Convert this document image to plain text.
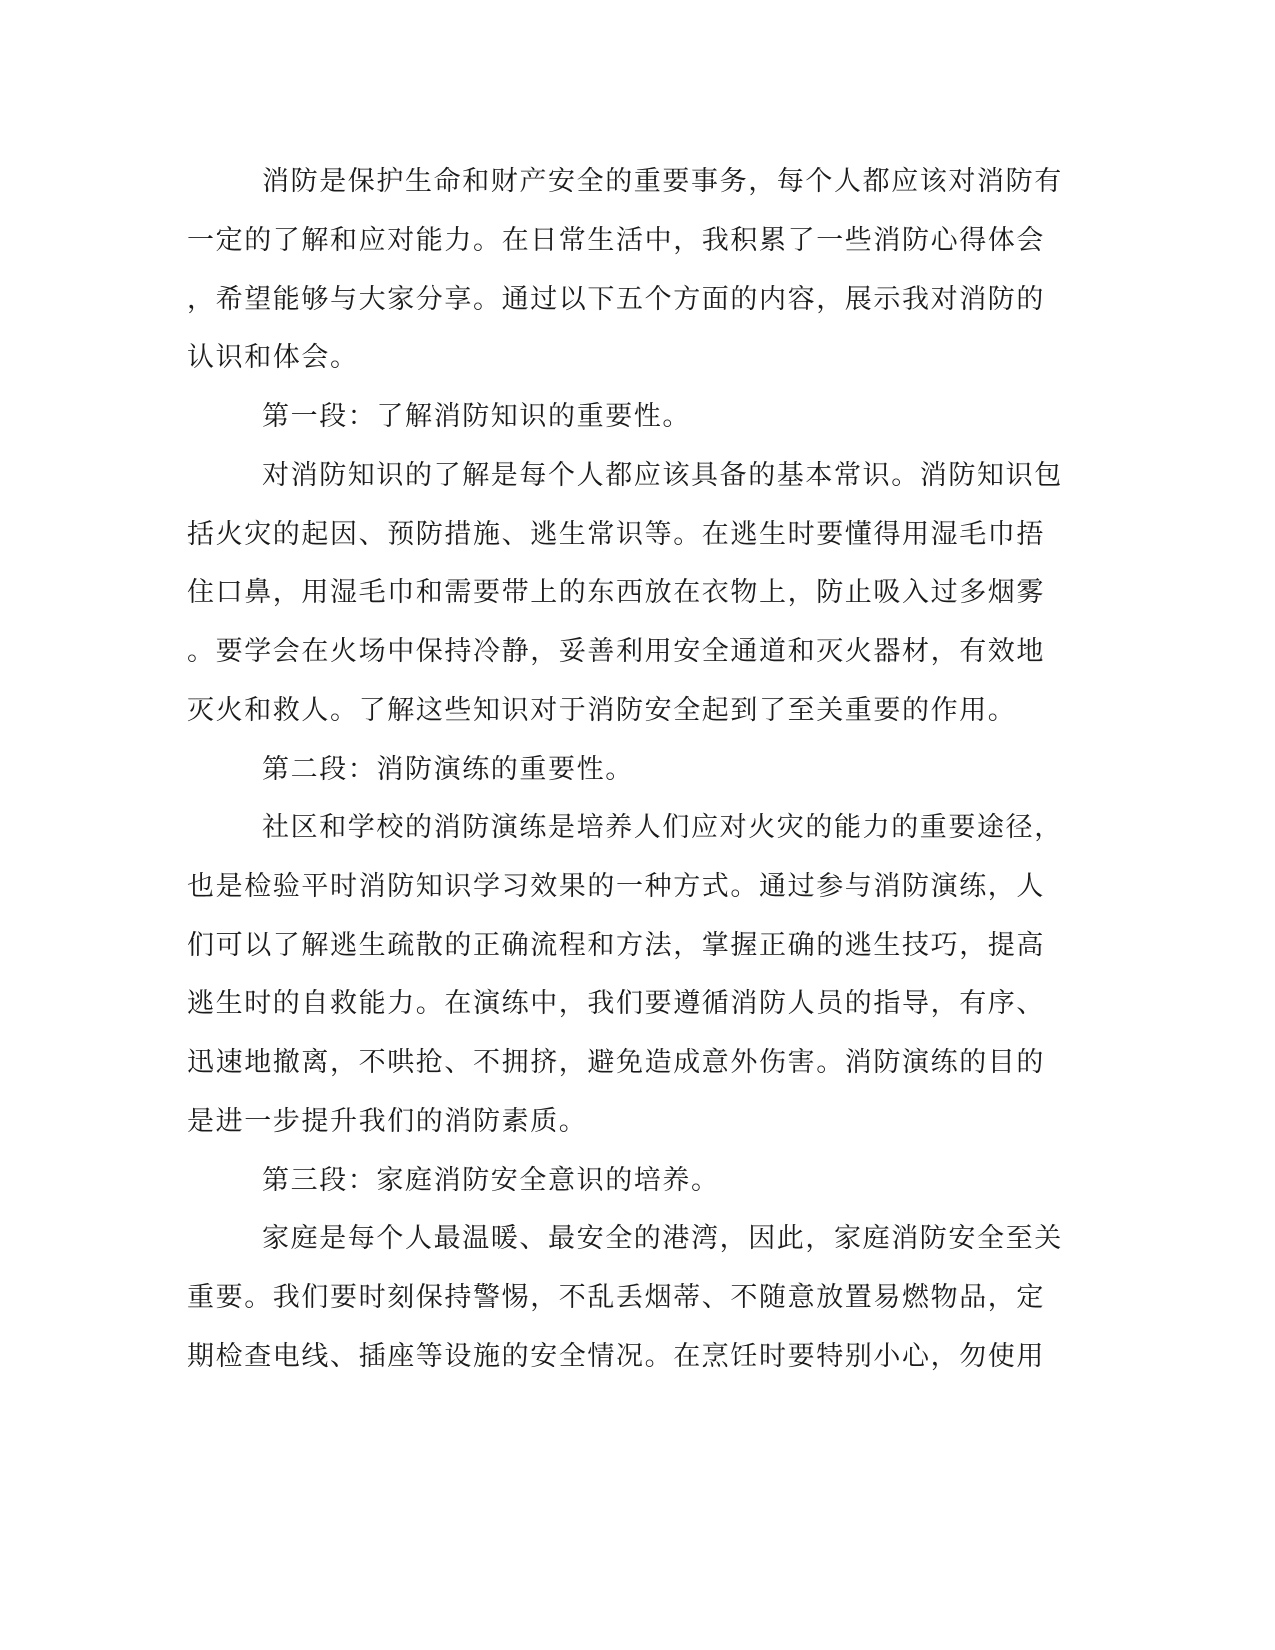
消防是保护生命和财产安全的重要事务，每个人都应该对消防有
一定的了解和应对能力。在日常生活中，我积累了一些消防心得体会
，希望能够与大家分享。通过以下五个方面的内容，展示我对消防的
认识和体会。
第一段：了解消防知识的重要性。
对消防知识的了解是每个人都应该具备的基本常识。消防知识包
括火灾的起因、预防措施、逃生常识等。在逃生时要懂得用湿毛巾捂
住口鼻，用湿毛巾和需要带上的东西放在衣物上，防止吸入过多烟雾
。要学会在火场中保持冷静，妥善利用安全通道和灭火器材，有效地
灭火和救人。了解这些知识对于消防安全起到了至关重要的作用。
第二段：消防演练的重要性。
社区和学校的消防演练是培养人们应对火灾的能力的重要途径，
也是检验平时消防知识学习效果的一种方式。通过参与消防演练，人
们可以了解逃生疏散的正确流程和方法，掌握正确的逃生技巧，提高
逃生时的自救能力。在演练中，我们要遵循消防人员的指导，有序、
迅速地撤离，不哄抢、不拥挤，避免造成意外伤害。消防演练的目的
是进一步提升我们的消防素质。
第三段：家庭消防安全意识的培养。
家庭是每个人最温暖、最安全的港湾，因此，家庭消防安全至关
重要。我们要时刻保持警惕，不乱丢烟蒂、不随意放置易燃物品，定
期检查电线、插座等设施的安全情况。在烹饪时要特别小心，勿使用
